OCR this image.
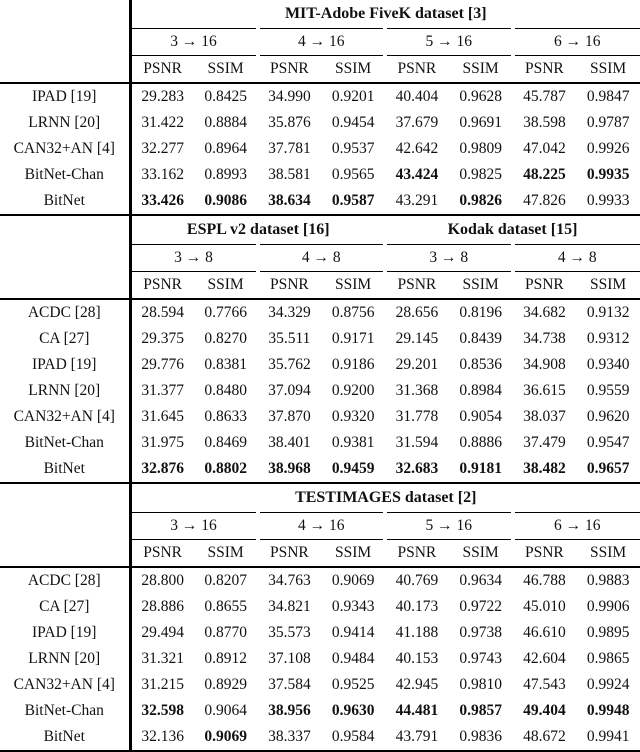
	MIT-Adobe FiveK dataset [3]							
	3 → 16		4 → 16		5 → 16		6 → 16	
	PSNR	SSIM	PSNR	SSIM	PSNR	SSIM	PSNR	SSIM
IPAD [19]	29.283	0.8425	34.990	0.9201	40.404	0.9628	45.787	0.9847
LRNN [20]	31.422	0.8884	35.876	0.9454	37.679	0.9691	38.598	0.9787
CAN32+AN [4]	32.277	0.8964	37.781	0.9537	42.642	0.9809	47.042	0.9926
BitNet-Chan	33.162	0.8993	38.581	0.9565	43.424	0.9825	48.225	0.9935
BitNet	33.426	0.9086	38.634	0.9587	43.291	0.9826	47.826	0.9933
	ESPL v2 dataset [16]				Kodak dataset [15]			
	3 → 8		4 → 8		3 → 8		4 → 8	
	PSNR	SSIM	PSNR	SSIM	PSNR	SSIM	PSNR	SSIM
ACDC [28]	28.594	0.7766	34.329	0.8756	28.656	0.8196	34.682	0.9132
CA [27]	29.375	0.8270	35.511	0.9171	29.145	0.8439	34.738	0.9312
IPAD [19]	29.776	0.8381	35.762	0.9186	29.201	0.8536	34.908	0.9340
LRNN [20]	31.377	0.8480	37.094	0.9200	31.368	0.8984	36.615	0.9559
CAN32+AN [4]	31.645	0.8633	37.870	0.9320	31.778	0.9054	38.037	0.9620
BitNet-Chan	31.975	0.8469	38.401	0.9381	31.594	0.8886	37.479	0.9547
BitNet	32.876	0.8802	38.968	0.9459	32.683	0.9181	38.482	0.9657
	TESTIMAGES dataset [2]							
	3 → 16		4 → 16		5 → 16		6 → 16	
	PSNR	SSIM	PSNR	SSIM	PSNR	SSIM	PSNR	SSIM
ACDC [28]	28.800	0.8207	34.763	0.9069	40.769	0.9634	46.788	0.9883
CA [27]	28.886	0.8655	34.821	0.9343	40.173	0.9722	45.010	0.9906
IPAD [19]	29.494	0.8770	35.573	0.9414	41.188	0.9738	46.610	0.9895
LRNN [20]	31.321	0.8912	37.108	0.9484	40.153	0.9743	42.604	0.9865
CAN32+AN [4]	31.215	0.8929	37.584	0.9525	42.945	0.9810	47.543	0.9924
BitNet-Chan	32.598	0.9064	38.956	0.9630	44.481	0.9857	49.404	0.9948
BitNet	32.136	0.9069	38.337	0.9584	43.791	0.9836	48.672	0.9941
